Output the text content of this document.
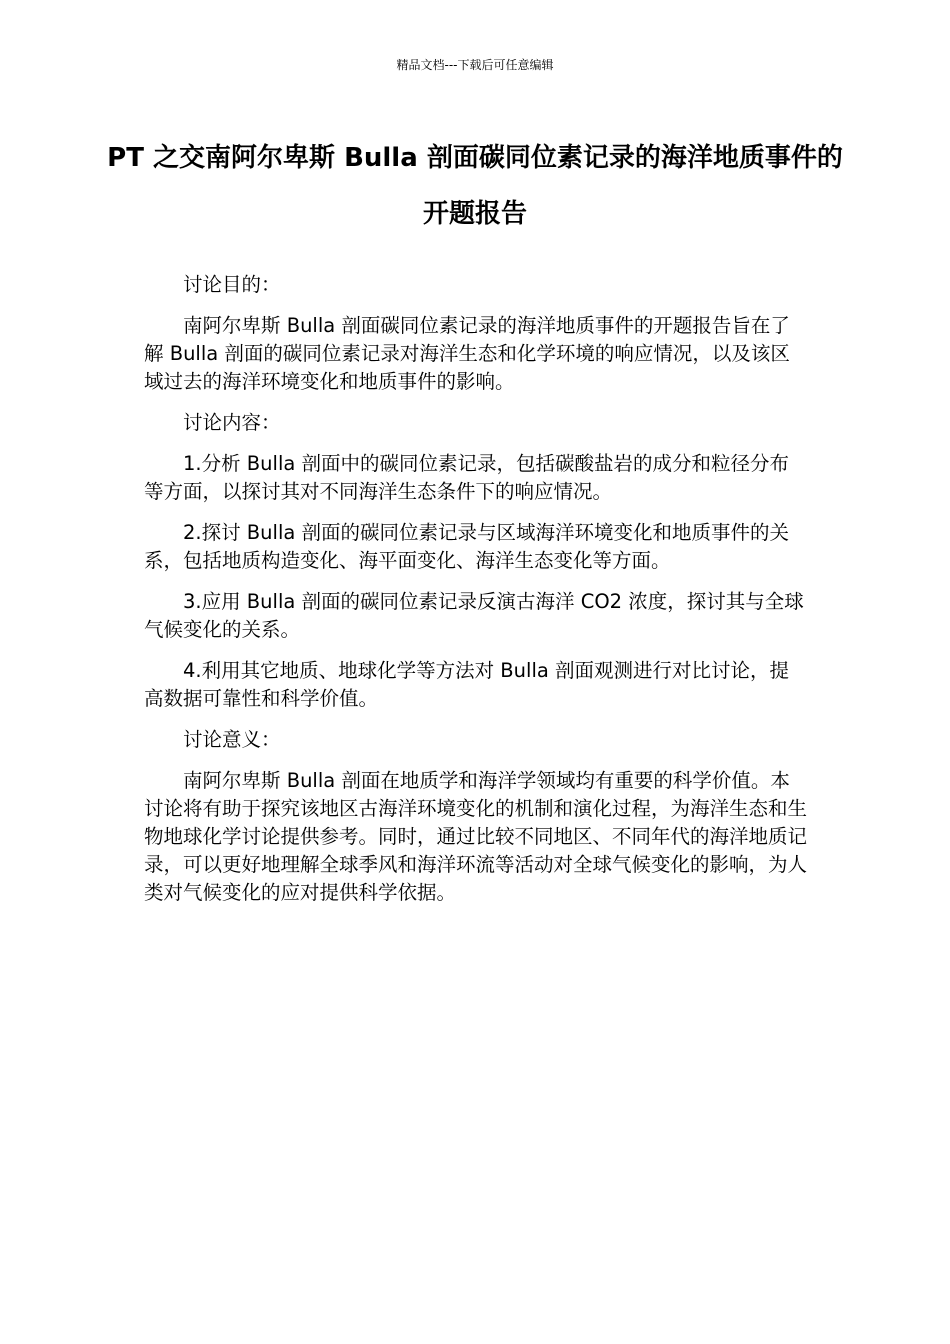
精品文档---下载后可任意编辑
PT 之交南阿尔卑斯 Bulla 剖面碳同位素记录的海洋地质事件的开题报告

讨论目的：

南阿尔卑斯 Bulla 剖面碳同位素记录的海洋地质事件的开题报告旨在了解 Bulla 剖面的碳同位素记录对海洋生态和化学环境的响应情况，以及该区域过去的海洋环境变化和地质事件的影响。

讨论内容：

1.分析 Bulla 剖面中的碳同位素记录，包括碳酸盐岩的成分和粒径分布等方面，以探讨其对不同海洋生态条件下的响应情况。

2.探讨 Bulla 剖面的碳同位素记录与区域海洋环境变化和地质事件的关系，包括地质构造变化、海平面变化、海洋生态变化等方面。

3.应用 Bulla 剖面的碳同位素记录反演古海洋 CO2 浓度，探讨其与全球气候变化的关系。

4.利用其它地质、地球化学等方法对 Bulla 剖面观测进行对比讨论，提高数据可靠性和科学价值。

讨论意义：

南阿尔卑斯 Bulla 剖面在地质学和海洋学领域均有重要的科学价值。本讨论将有助于探究该地区古海洋环境变化的机制和演化过程，为海洋生态和生物地球化学讨论提供参考。同时，通过比较不同地区、不同年代的海洋地质记录，可以更好地理解全球季风和海洋环流等活动对全球气候变化的影响，为人类对气候变化的应对提供科学依据。
